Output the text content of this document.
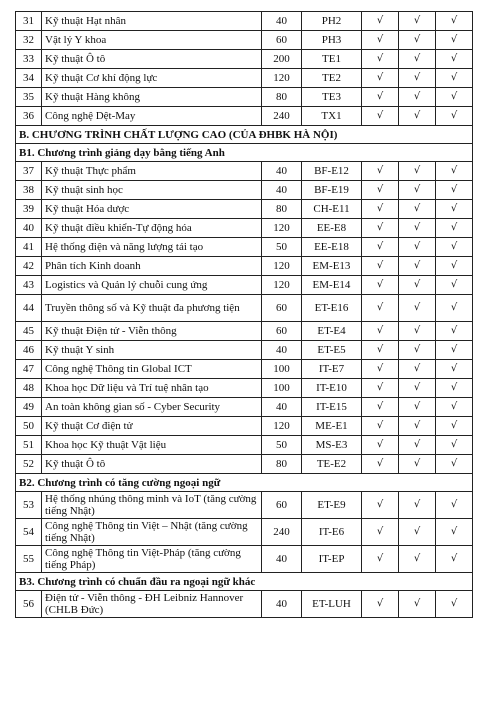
31	Kỹ thuật Hạt nhân	40	PH2	√	√	√
32	Vật lý Y khoa	60	PH3	√	√	√
33	Kỹ thuật Ô tô	200	TE1	√	√	√
34	Kỹ thuật Cơ khí động lực	120	TE2	√	√	√
35	Kỹ thuật Hàng không	80	TE3	√	√	√
36	Công nghệ Dệt-May	240	TX1	√	√	√
B. CHƯƠNG TRÌNH CHẤT LƯỢNG CAO (CỦA ĐHBK HÀ NỘI)						
B1. Chương trình giảng dạy bằng tiếng Anh						
37	Kỹ thuật Thực phẩm	40	BF-E12	√	√	√
38	Kỹ thuật sinh học	40	BF-E19	√	√	√
39	Kỹ thuật Hóa dược	80	CH-E11	√	√	√
40	Kỹ thuật điều khiển-Tự động hóa	120	EE-E8	√	√	√
41	Hệ thống điện và năng lượng tái tạo	50	EE-E18	√	√	√
42	Phân tích Kinh doanh	120	EM-E13	√	√	√
43	Logistics và Quản lý chuỗi cung ứng	120	EM-E14	√	√	√
44	Truyền thông số và Kỹ thuật đa phương tiện	60	ET-E16	√	√	√
45	Kỹ thuật Điện tử - Viễn thông	60	ET-E4	√	√	√
46	Kỹ thuật Y sinh	40	ET-E5	√	√	√
47	Công nghệ Thông tin Global ICT	100	IT-E7	√	√	√
48	Khoa học Dữ liệu và Trí tuệ nhân tạo	100	IT-E10	√	√	√
49	An toàn không gian số - Cyber Security	40	IT-E15	√	√	√
50	Kỹ thuật Cơ điện tử	120	ME-E1	√	√	√
51	Khoa học Kỹ thuật Vật liệu	50	MS-E3	√	√	√
52	Kỹ thuật Ô tô	80	TE-E2	√	√	√
B2. Chương trình có tăng cường ngoại ngữ						
53	Hệ thống nhúng thông minh và IoT (tăng cường tiếng Nhật)	60	ET-E9	√	√	√
54	Công nghệ Thông tin Việt – Nhật (tăng cường tiếng Nhật)	240	IT-E6	√	√	√
55	Công nghệ Thông tin Việt-Pháp (tăng cường tiếng Pháp)	40	IT-EP	√	√	√
B3. Chương trình có chuẩn đầu ra ngoại ngữ khác						
56	Điện tử - Viễn thông - ĐH Leibniz Hannover (CHLB Đức)	40	ET-LUH	√	√	√
